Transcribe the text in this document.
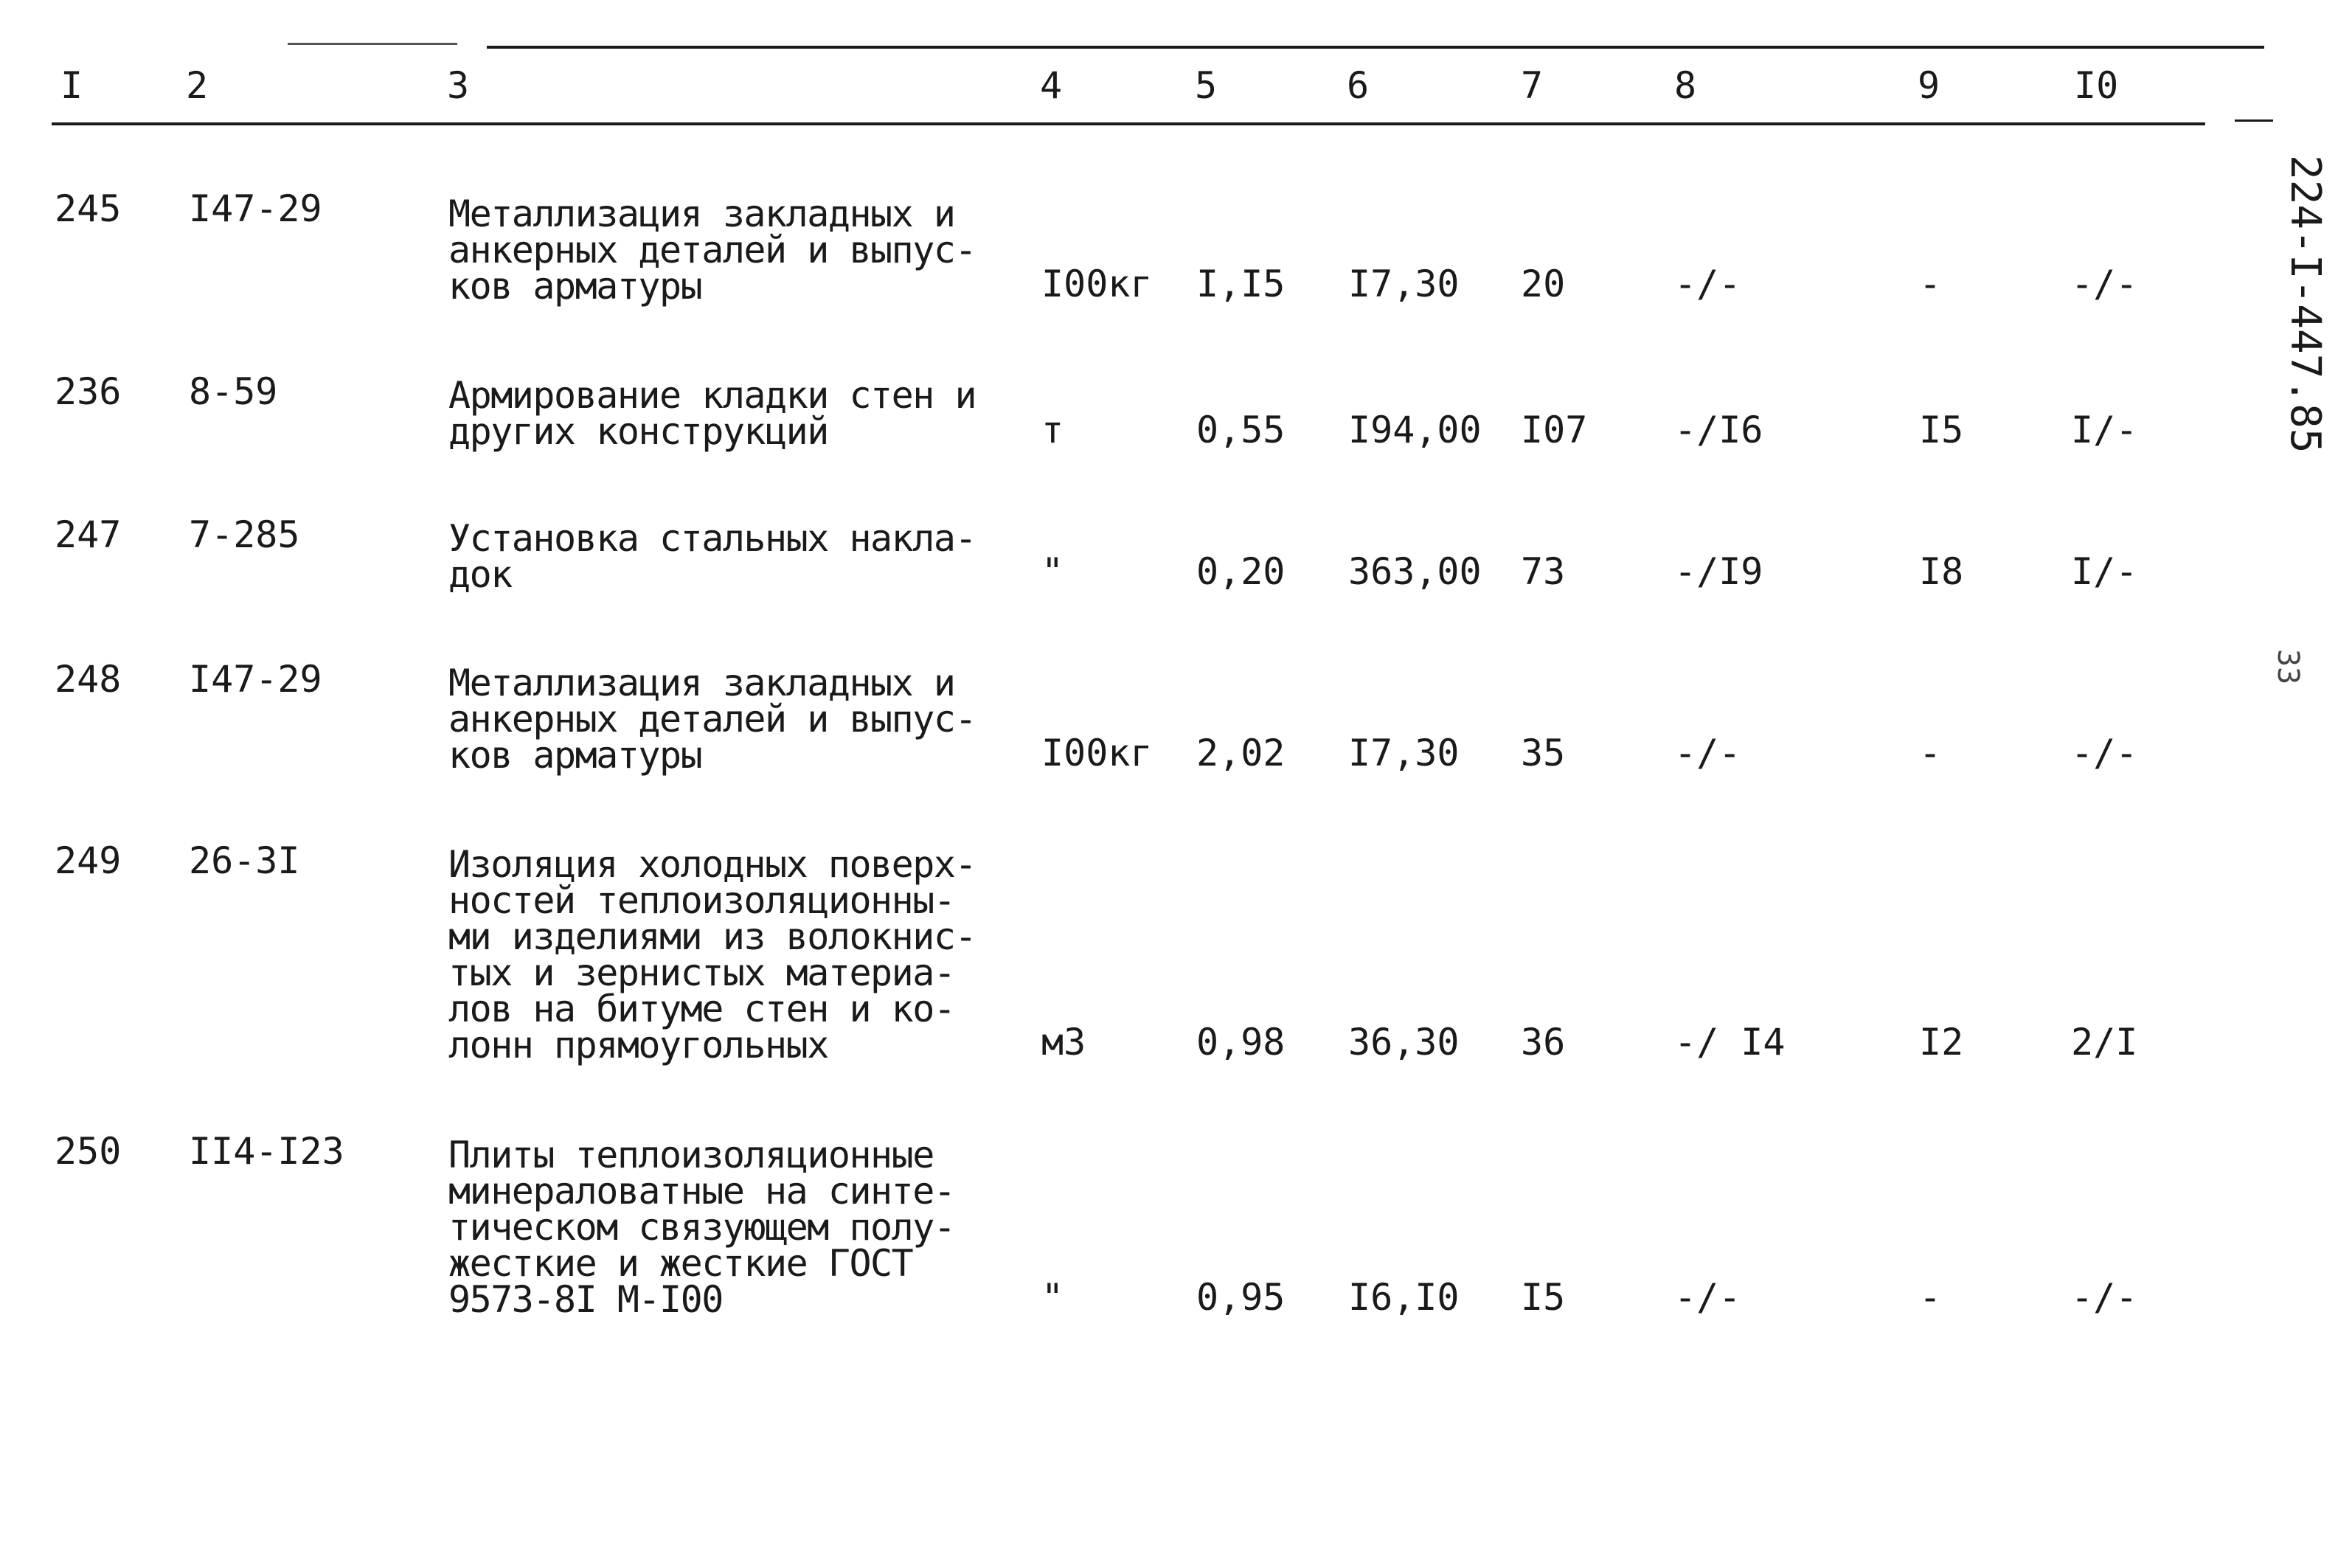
I	2	3	4	5	6	7	8	9	I0
224-I-447.85
33
245 I47-29	Металлизация закладных и
анкерных деталей и выпус-
ков арматуры	I00кг I,I5 I7,30 20	-/-	-	-/-
236 8-59	Армирование кладки стен и
других конструкций	т	0,55 I94,00 I07 -/I6	I5	I/-
247 7-285	Установка стальных накла-
док	"	0,20 363,00 73	-/I9	I8	I/-
248 I47-29	Металлизация закладных и
анкерных деталей и выпус-
ков арматуры	I00кг 2,02 I7,30 35	-/-	-	-/-
249 26-3I	Изоляция холодных поверх-
ностей теплоизоляционны-
ми изделиями из волокнис-
тых и зернистых материа-
лов на битуме стен и ко-
лонн прямоугольных	м3	0,98 36,30 36	-/ I4	I2	2/I
250 II4-I23	Плиты теплоизоляционные
минераловатные на синте-
тическом связующем полу-
жесткие и жесткие ГОСТ
9573-8I М-I00	"	0,95 I6,I0 I5	-/-	-	-/-
